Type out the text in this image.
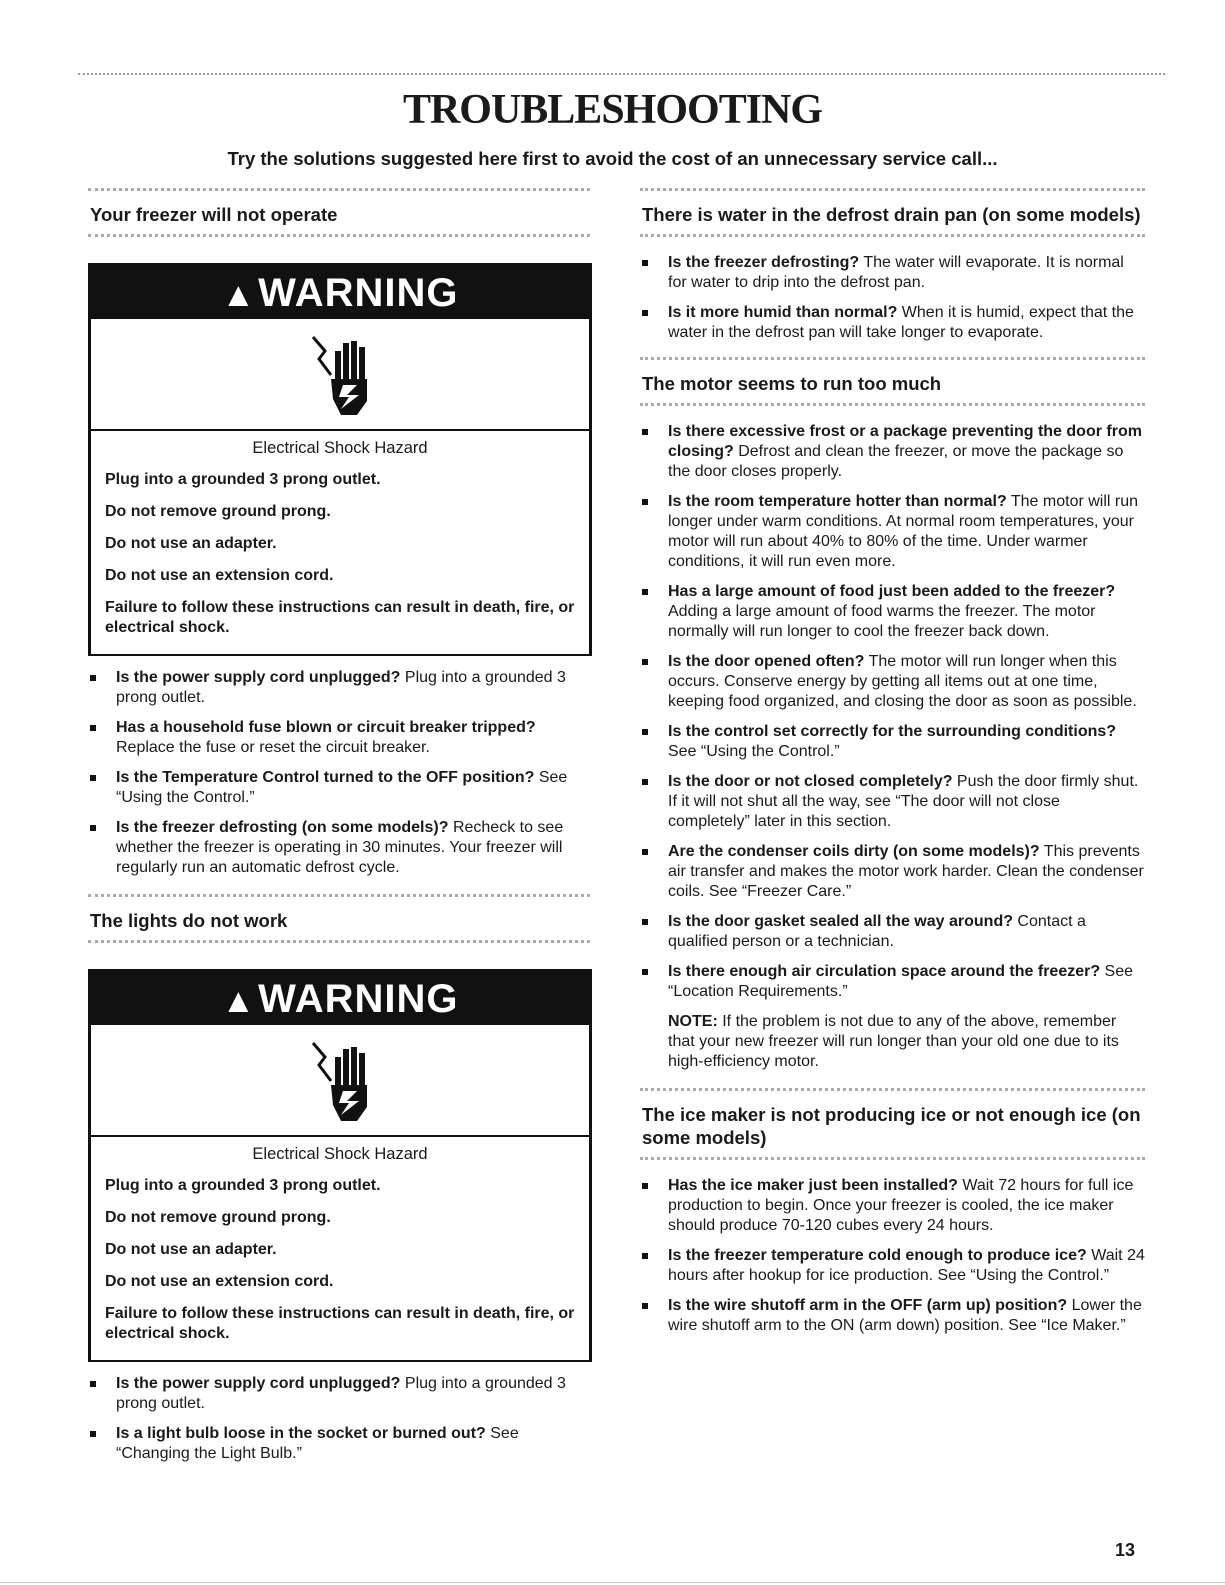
TROUBLESHOOTING
Try the solutions suggested here first to avoid the cost of an unnecessary service call...
Your freezer will not operate
▲WARNING
Electrical Shock Hazard

Plug into a grounded 3 prong outlet.

Do not remove ground prong.

Do not use an adapter.

Do not use an extension cord.

Failure to follow these instructions can result in death, fire, or electrical shock.

Is the power supply cord unplugged? Plug into a grounded 3 prong outlet.
Has a household fuse blown or circuit breaker tripped? Replace the fuse or reset the circuit breaker.
Is the Temperature Control turned to the OFF position? See “Using the Control.”
Is the freezer defrosting (on some models)? Recheck to see whether the freezer is operating in 30 minutes. Your freezer will regularly run an automatic defrost cycle.
The lights do not work
▲WARNING
Electrical Shock Hazard

Plug into a grounded 3 prong outlet.

Do not remove ground prong.

Do not use an adapter.

Do not use an extension cord.

Failure to follow these instructions can result in death, fire, or electrical shock.

Is the power supply cord unplugged? Plug into a grounded 3 prong outlet.
Is a light bulb loose in the socket or burned out? See “Changing the Light Bulb.”
There is water in the defrost drain pan (on some models)
Is the freezer defrosting? The water will evaporate. It is normal for water to drip into the defrost pan.
Is it more humid than normal? When it is humid, expect that the water in the defrost pan will take longer to evaporate.
The motor seems to run too much
Is there excessive frost or a package preventing the door from closing? Defrost and clean the freezer, or move the package so the door closes properly.
Is the room temperature hotter than normal? The motor will run longer under warm conditions. At normal room temperatures, your motor will run about 40% to 80% of the time. Under warmer conditions, it will run even more.
Has a large amount of food just been added to the freezer? Adding a large amount of food warms the freezer. The motor normally will run longer to cool the freezer back down.
Is the door opened often? The motor will run longer when this occurs. Conserve energy by getting all items out at one time, keeping food organized, and closing the door as soon as possible.
Is the control set correctly for the surrounding conditions? See “Using the Control.”
Is the door or not closed completely? Push the door firmly shut. If it will not shut all the way, see “The door will not close completely” later in this section.
Are the condenser coils dirty (on some models)? This prevents air transfer and makes the motor work harder. Clean the condenser coils. See “Freezer Care.”
Is the door gasket sealed all the way around? Contact a qualified person or a technician.
Is there enough air circulation space around the freezer? See “Location Requirements.”
NOTE: If the problem is not due to any of the above, remember that your new freezer will run longer than your old one due to its high-efficiency motor.
The ice maker is not producing ice or not enough ice (on some models)
Has the ice maker just been installed? Wait 72 hours for full ice production to begin. Once your freezer is cooled, the ice maker should produce 70-120 cubes every 24 hours.
Is the freezer temperature cold enough to produce ice? Wait 24 hours after hookup for ice production. See “Using the Control.”
Is the wire shutoff arm in the OFF (arm up) position? Lower the wire shutoff arm to the ON (arm down) position. See “Ice Maker.”
13
